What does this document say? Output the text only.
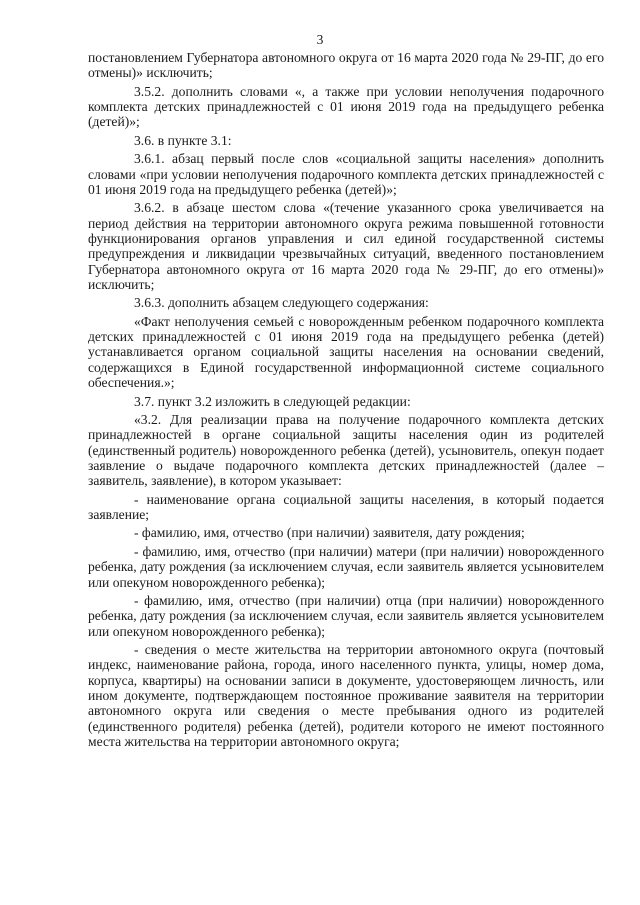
3

постановлением Губернатора автономного округа от 16 марта 2020 года № 29-ПГ, до его отмены)» исключить;

3.5.2. дополнить словами «, а также при условии неполучения подарочного комплекта детских принадлежностей с 01 июня 2019 года на предыдущего ребенка (детей)»;

3.6. в пункте 3.1:

3.6.1. абзац первый после слов «социальной защиты населения» дополнить словами «при условии неполучения подарочного комплекта детских принадлежностей с 01 июня 2019 года на предыдущего ребенка (детей)»;

3.6.2. в абзаце шестом слова «(течение указанного срока увеличивается на период действия на территории автономного округа режима повышенной готовности функционирования органов управления и сил единой государственной системы предупреждения и ликвидации чрезвычайных ситуаций, введенного постановлением Губернатора автономного округа от 16 марта 2020 года № 29-ПГ, до его отмены)» исключить;

3.6.3. дополнить абзацем следующего содержания:

«Факт неполучения семьей с новорожденным ребенком подарочного комплекта детских принадлежностей с 01 июня 2019 года на предыдущего ребенка (детей) устанавливается органом социальной защиты населения на основании сведений, содержащихся в Единой государственной информационной системе социального обеспечения.»;

3.7. пункт 3.2 изложить в следующей редакции:

«3.2. Для реализации права на получение подарочного комплекта детских принадлежностей в органе социальной защиты населения один из родителей (единственный родитель) новорожденного ребенка (детей), усыновитель, опекун подает заявление о выдаче подарочного комплекта детских принадлежностей (далее – заявитель, заявление), в котором указывает:

- наименование органа социальной защиты населения, в который подается заявление;

- фамилию, имя, отчество (при наличии) заявителя, дату рождения;

- фамилию, имя, отчество (при наличии) матери (при наличии) новорожденного ребенка, дату рождения (за исключением случая, если заявитель является усыновителем или опекуном новорожденного ребенка);

- фамилию, имя, отчество (при наличии) отца (при наличии) новорожденного ребенка, дату рождения (за исключением случая, если заявитель является усыновителем или опекуном новорожденного ребенка);

- сведения о месте жительства на территории автономного округа (почтовый индекс, наименование района, города, иного населенного пункта, улицы, номер дома, корпуса, квартиры) на основании записи в документе, удостоверяющем личность, или ином документе, подтверждающем постоянное проживание заявителя на территории автономного округа или сведения о месте пребывания одного из родителей (единственного родителя) ребенка (детей), родители которого не имеют постоянного места жительства на территории автономного округа;
